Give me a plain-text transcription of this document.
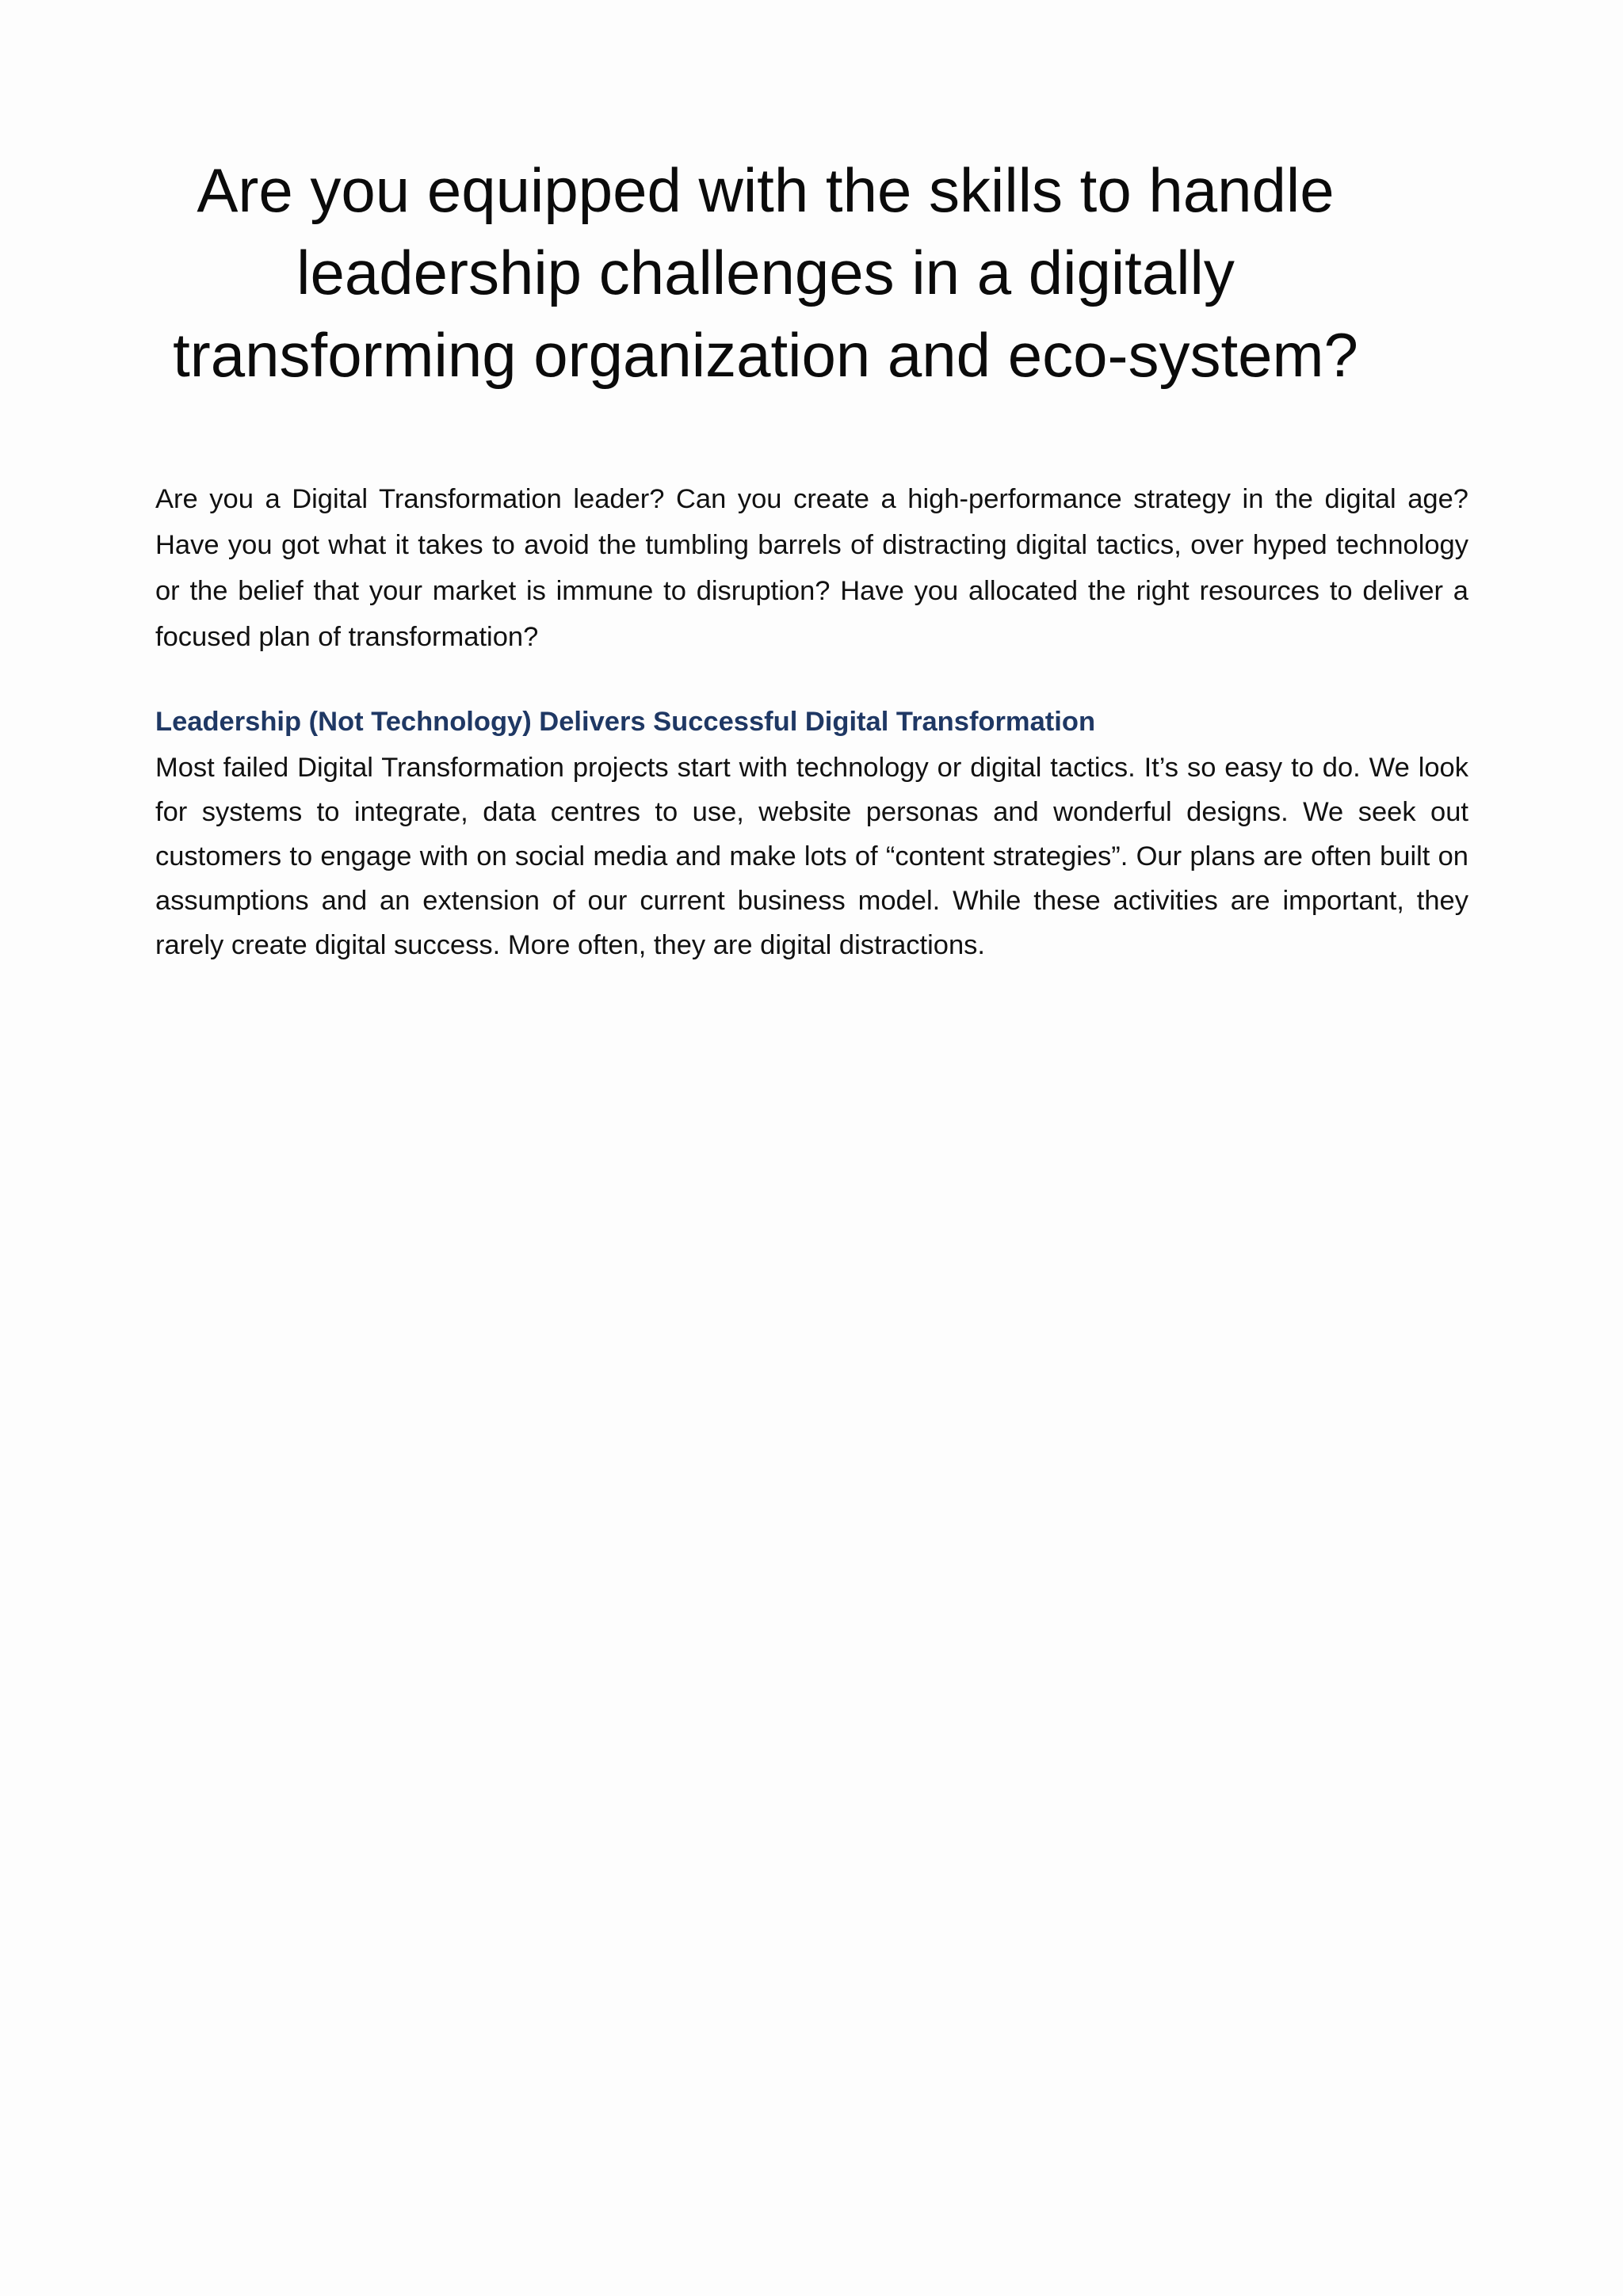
Are you equipped with the skills to handle leadership challenges in a digitally transforming organization and eco-system?

Are you a Digital Transformation leader? Can you create a high-performance strategy in the digital age? Have you got what it takes to avoid the tumbling barrels of distracting digital tactics, over hyped technology or the belief that your market is immune to disruption? Have you allocated the right resources to deliver a focused plan of transformation?

Leadership (Not Technology) Delivers Successful Digital Transformation

Most failed Digital Transformation projects start with technology or digital tactics. It’s so easy to do. We look for systems to integrate, data centres to use, website personas and wonderful designs. We seek out customers to engage with on social media and make lots of “content strategies”. Our plans are often built on assumptions and an extension of our current business model. While these activities are important, they rarely create digital success. More often, they are digital distractions.
